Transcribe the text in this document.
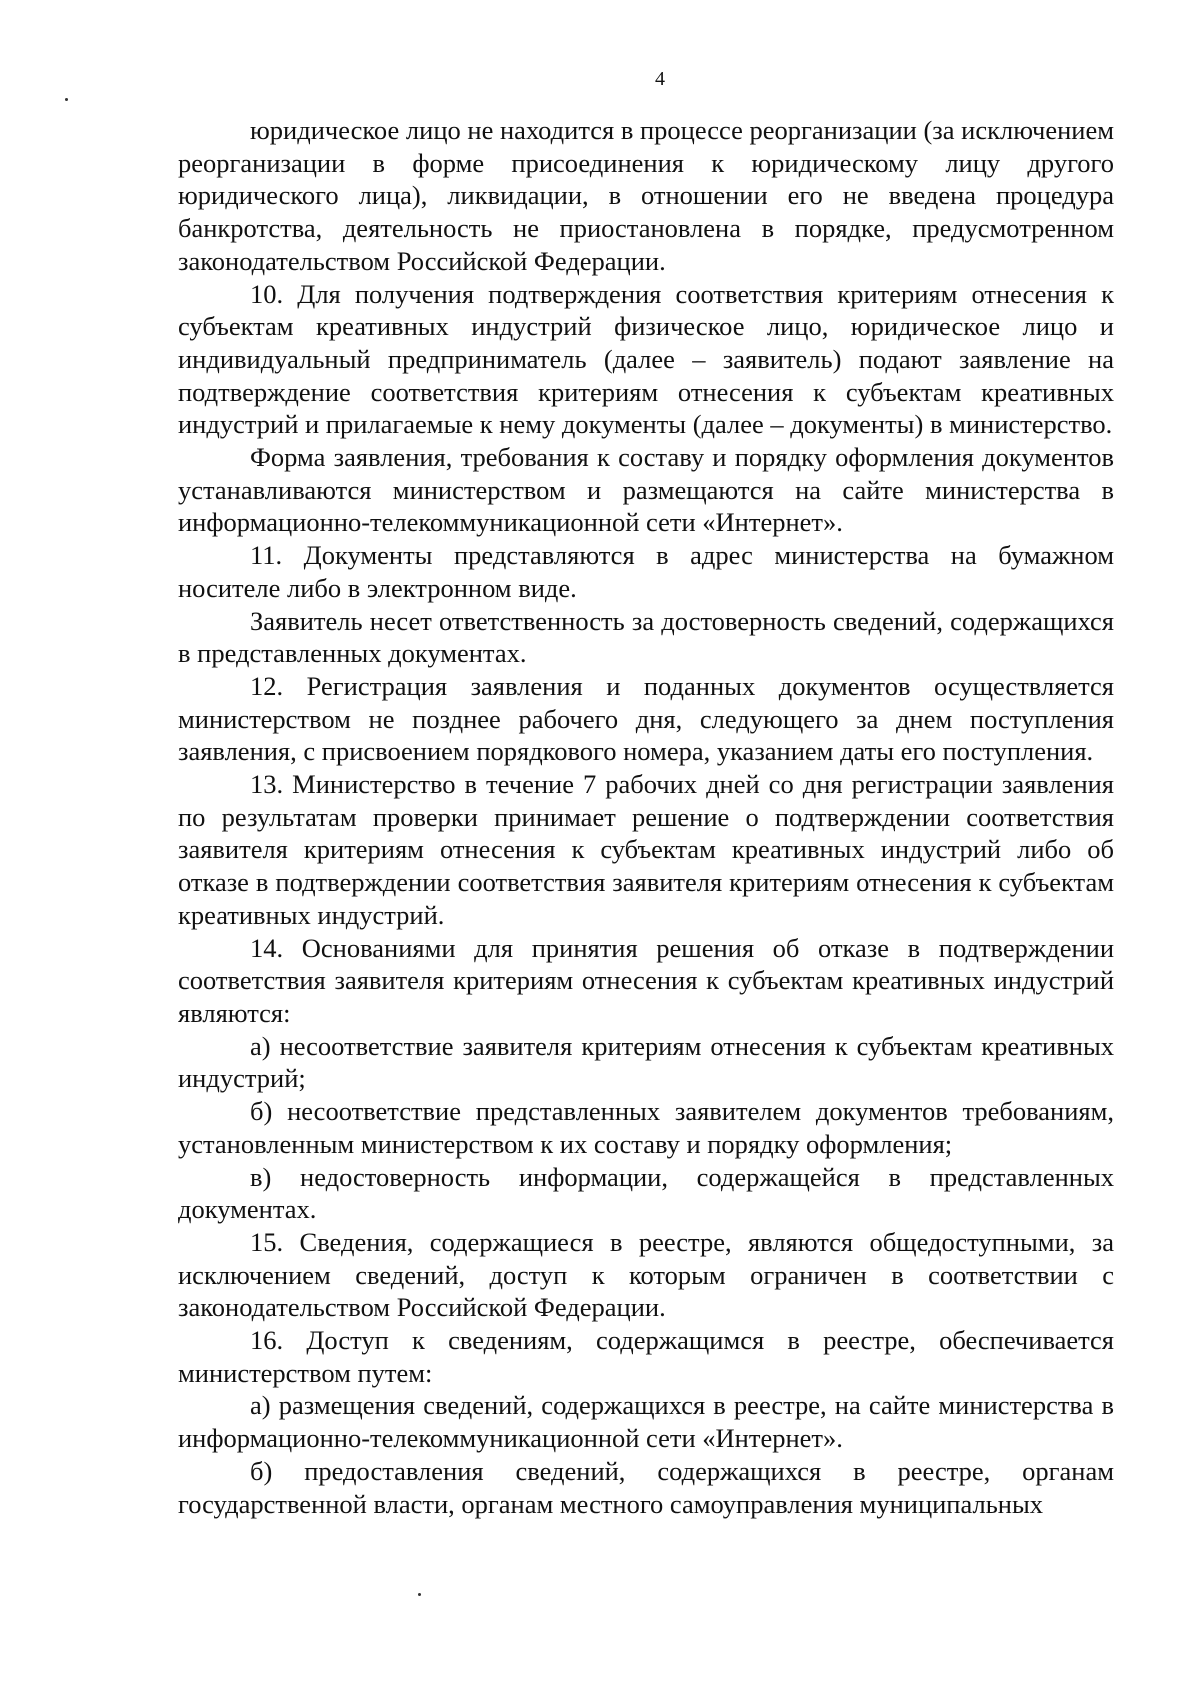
4

юридическое лицо не находится в процессе реорганизации (за исключением реорганизации в форме присоединения к юридическому лицу другого юридического лица), ликвидации, в отношении его не введена процедура банкротства, деятельность не приостановлена в порядке, предусмотренном законодательством Российской Федерации.

10. Для получения подтверждения соответствия критериям отнесения к субъектам креативных индустрий физическое лицо, юридическое лицо и индивидуальный предприниматель (далее – заявитель) подают заявление на подтверждение соответствия критериям отнесения к субъектам креативных индустрий и прилагаемые к нему документы (далее – документы) в министерство.

Форма заявления, требования к составу и порядку оформления документов устанавливаются министерством и размещаются на сайте министерства в информационно-телекоммуникационной сети «Интернет».

11. Документы представляются в адрес министерства на бумажном носителе либо в электронном виде.

Заявитель несет ответственность за достоверность сведений, содержащихся в представленных документах.

12. Регистрация заявления и поданных документов осуществляется министерством не позднее рабочего дня, следующего за днем поступления заявления, с присвоением порядкового номера, указанием даты его поступления.

13. Министерство в течение 7 рабочих дней со дня регистрации заявления по результатам проверки принимает решение о подтверждении соответствия заявителя критериям отнесения к субъектам креативных индустрий либо об отказе в подтверждении соответствия заявителя критериям отнесения к субъектам креативных индустрий.

14. Основаниями для принятия решения об отказе в подтверждении соответствия заявителя критериям отнесения к субъектам креативных индустрий являются:

а) несоответствие заявителя критериям отнесения к субъектам креативных индустрий;

б) несоответствие представленных заявителем документов требованиям, установленным министерством к их составу и порядку оформления;

в) недостоверность информации, содержащейся в представленных документах.

15. Сведения, содержащиеся в реестре, являются общедоступными, за исключением сведений, доступ к которым ограничен в соответствии с законодательством Российской Федерации.

16. Доступ к сведениям, содержащимся в реестре, обеспечивается министерством путем:

а) размещения сведений, содержащихся в реестре, на сайте министерства в информационно-телекоммуникационной сети «Интернет».

б) предоставления сведений, содержащихся в реестре, органам государственной власти, органам местного самоуправления муниципальных
